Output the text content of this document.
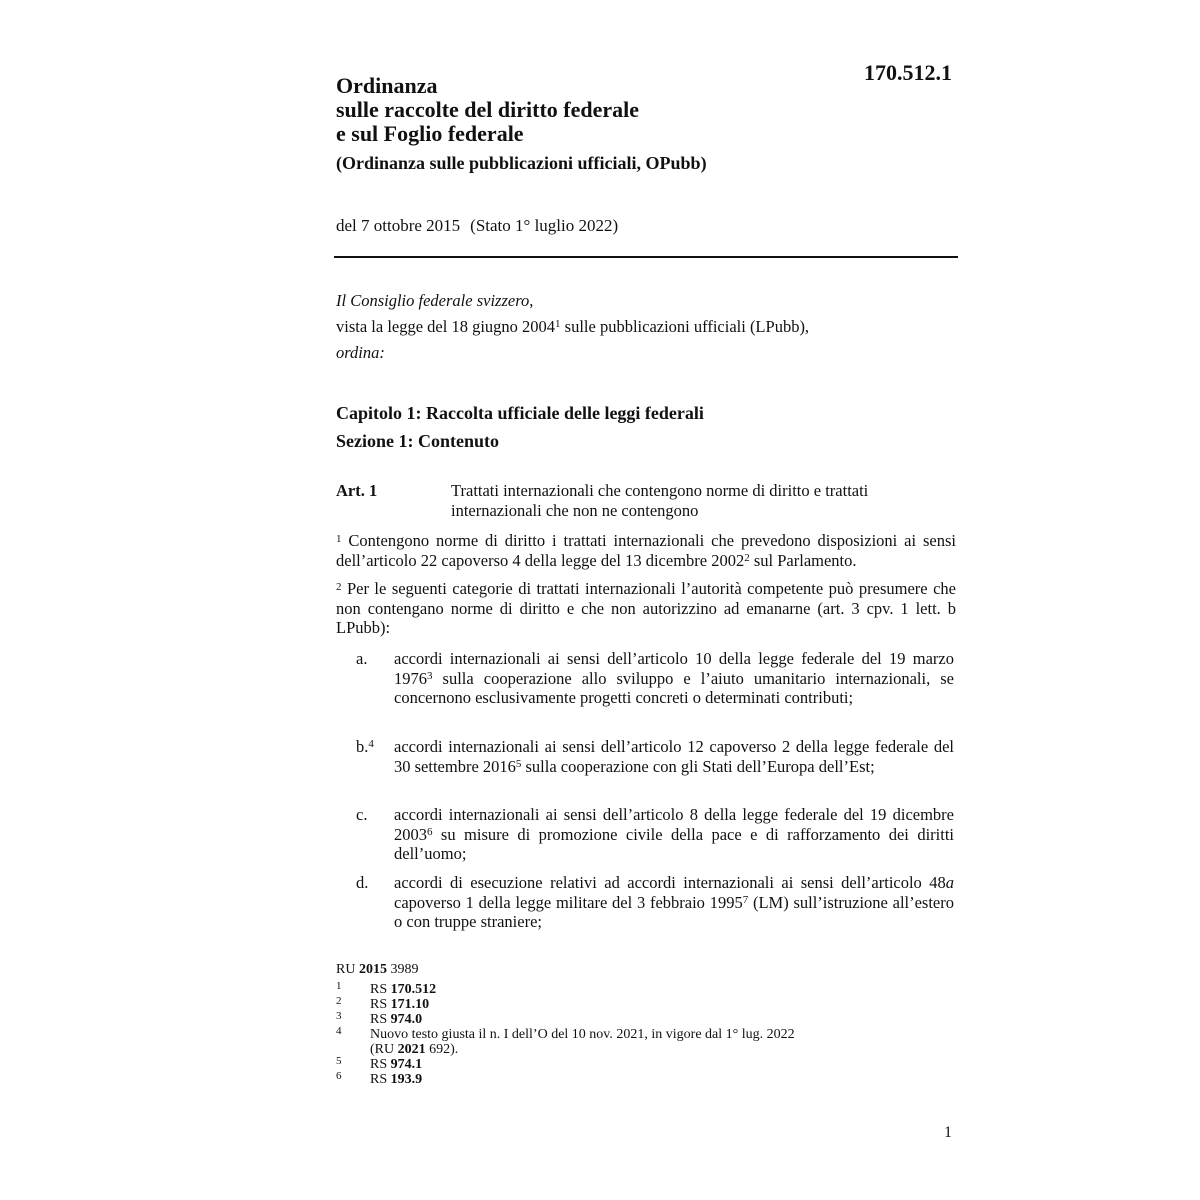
170.512.1
Ordinanza
sulle raccolte del diritto federale
e sul Foglio federale
(Ordinanza sulle pubblicazioni ufficiali, OPubb)
del 7 ottobre 2015 (Stato 1° luglio 2022)
Il Consiglio federale svizzero,
vista la legge del 18 giugno 2004$^1$ sulle pubblicazioni ufficiali (LPubb),
ordina:
Capitolo 1: Raccolta ufficiale delle leggi federali
Sezione 1: Contenuto
Art. 1	Trattati internazionali che contengono norme di diritto e trattati
internazionali che non ne contengono
$^1$ Contengono norme di diritto i trattati internazionali che prevedono disposizioni ai sensi dell’articolo 22 capoverso 4 della legge del 13 dicembre 2002$^2$ sul Parlamento.
$^2$ Per le seguenti categorie di trattati internazionali l’autorità competente può presumere che non contengano norme di diritto e che non autorizzino ad emanarne (art. 3 cpv. 1 lett. b LPubb):
a. accordi internazionali ai sensi dell’articolo 10 della legge federale del 19 marzo 1976$^3$ sulla cooperazione allo sviluppo e l’aiuto umanitario internazionali, se concernono esclusivamente progetti concreti o determinati contributi;
b.$^4$ accordi internazionali ai sensi dell’articolo 12 capoverso 2 della legge federale del 30 settembre 2016$^5$ sulla cooperazione con gli Stati dell’Europa dell’Est;
c. accordi internazionali ai sensi dell’articolo 8 della legge federale del 19 dicembre 2003$^6$ su misure di promozione civile della pace e di rafforzamento dei diritti dell’uomo;
d. accordi di esecuzione relativi ad accordi internazionali ai sensi dell’articolo 48a capoverso 1 della legge militare del 3 febbraio 1995$^7$ (LM) sull’istruzione all’estero o con truppe straniere;
RU 2015 3989
1 RS 170.512
2 RS 171.10
3 RS 974.0
4 Nuovo testo giusta il n. I dell’O del 10 nov. 2021, in vigore dal 1° lug. 2022
(RU 2021 692).
5 RS 974.1
6 RS 193.9
1
